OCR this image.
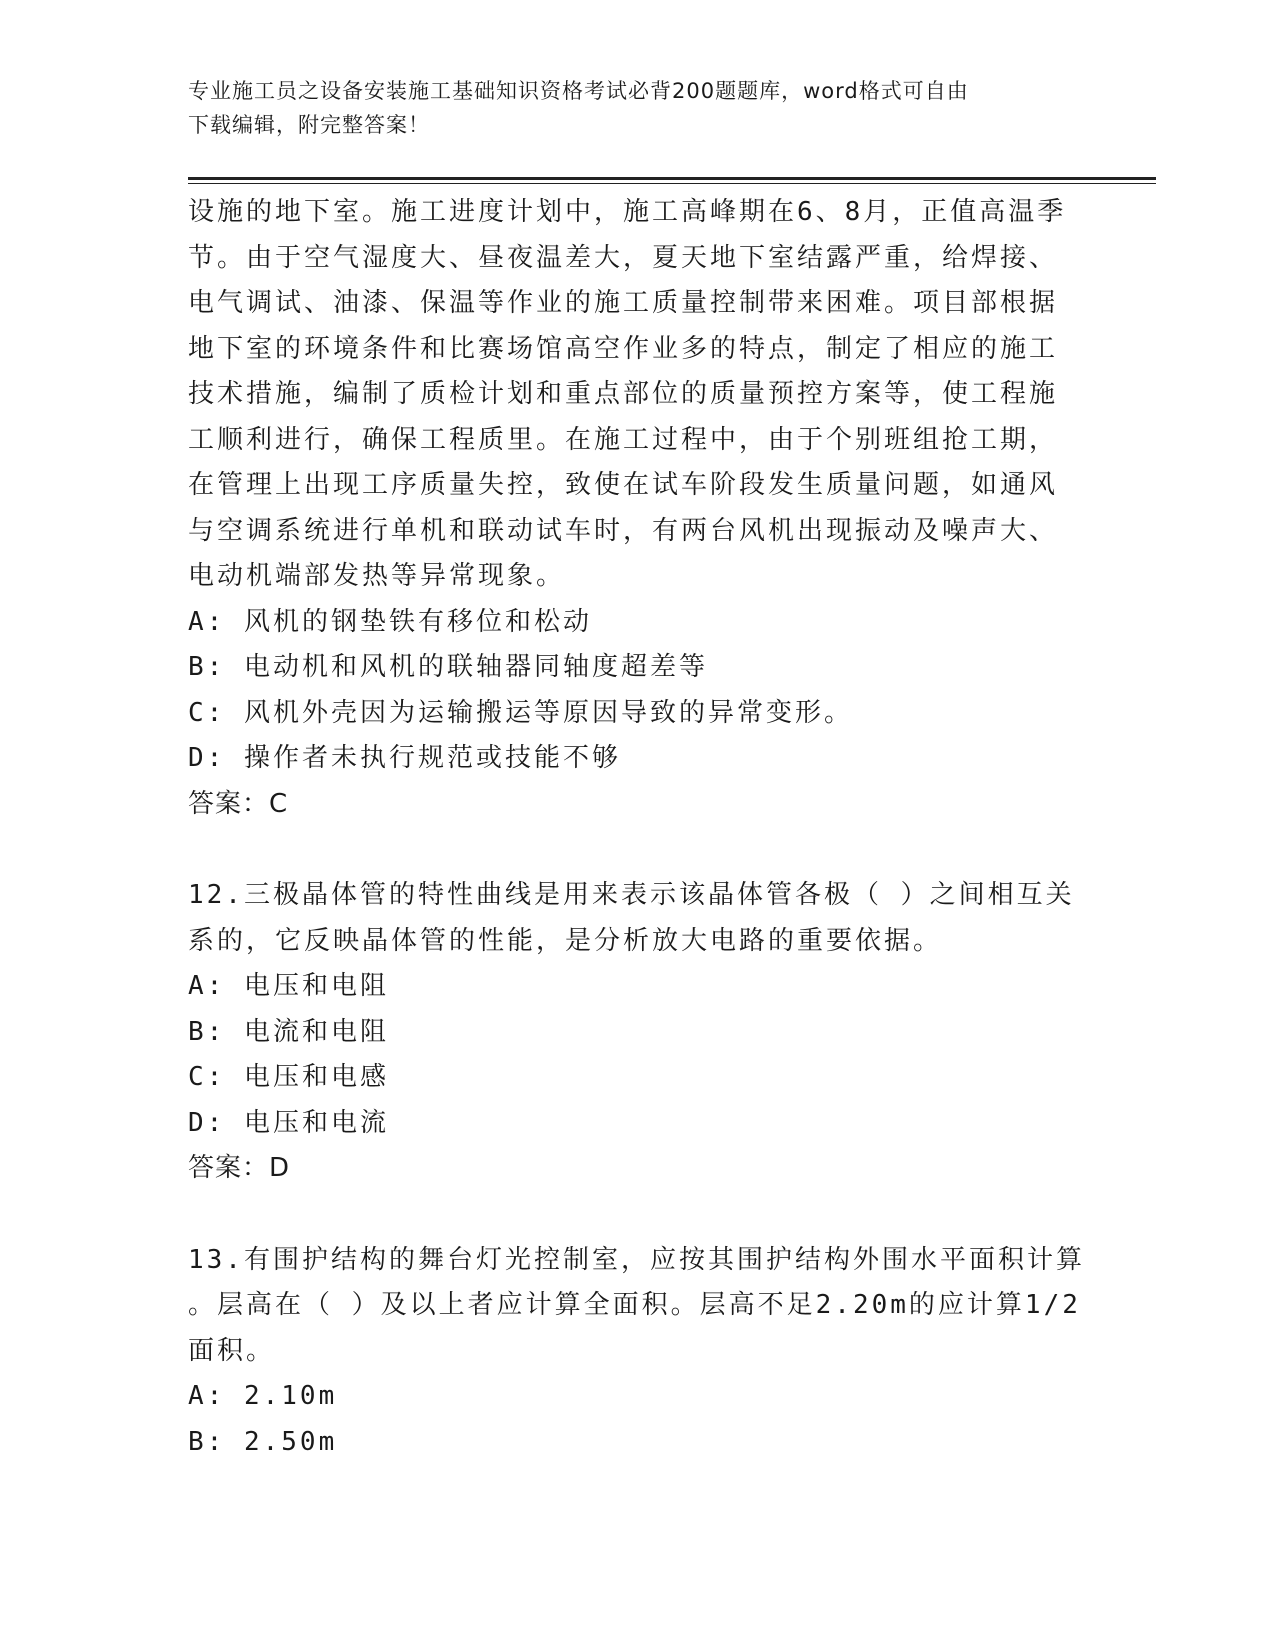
专业施工员之设备安装施工基础知识资格考试必背200题题库，word格式可自由
下载编辑，附完整答案！

设施的地下室。施工进度计划中，施工高峰期在6、8月，正值高温季

节。由于空气湿度大、昼夜温差大，夏天地下室结露严重，给焊接、

电气调试、油漆、保温等作业的施工质量控制带来困难。项目部根据

地下室的环境条件和比赛场馆高空作业多的特点，制定了相应的施工

技术措施，编制了质检计划和重点部位的质量预控方案等，使工程施

工顺利进行，确保工程质里。在施工过程中，由于个别班组抢工期，

在管理上出现工序质量失控，致使在试车阶段发生质量问题，如通风

与空调系统进行单机和联动试车时，有两台风机出现振动及噪声大、

电动机端部发热等异常现象。

A: 风机的钢垫铁有移位和松动

B: 电动机和风机的联轴器同轴度超差等

C: 风机外壳因为运输搬运等原因导致的异常变形。

D: 操作者未执行规范或技能不够

答案：C

12.三极晶体管的特性曲线是用来表示该晶体管各极（ ）之间相互关

系的，它反映晶体管的性能，是分析放大电路的重要依据。

A: 电压和电阻

B: 电流和电阻

C: 电压和电感

D: 电压和电流

答案：D

13.有围护结构的舞台灯光控制室，应按其围护结构外围水平面积计算

。层高在（ ）及以上者应计算全面积。层高不足2.20m的应计算1/2

面积。

A: 2.10m

B: 2.50m
